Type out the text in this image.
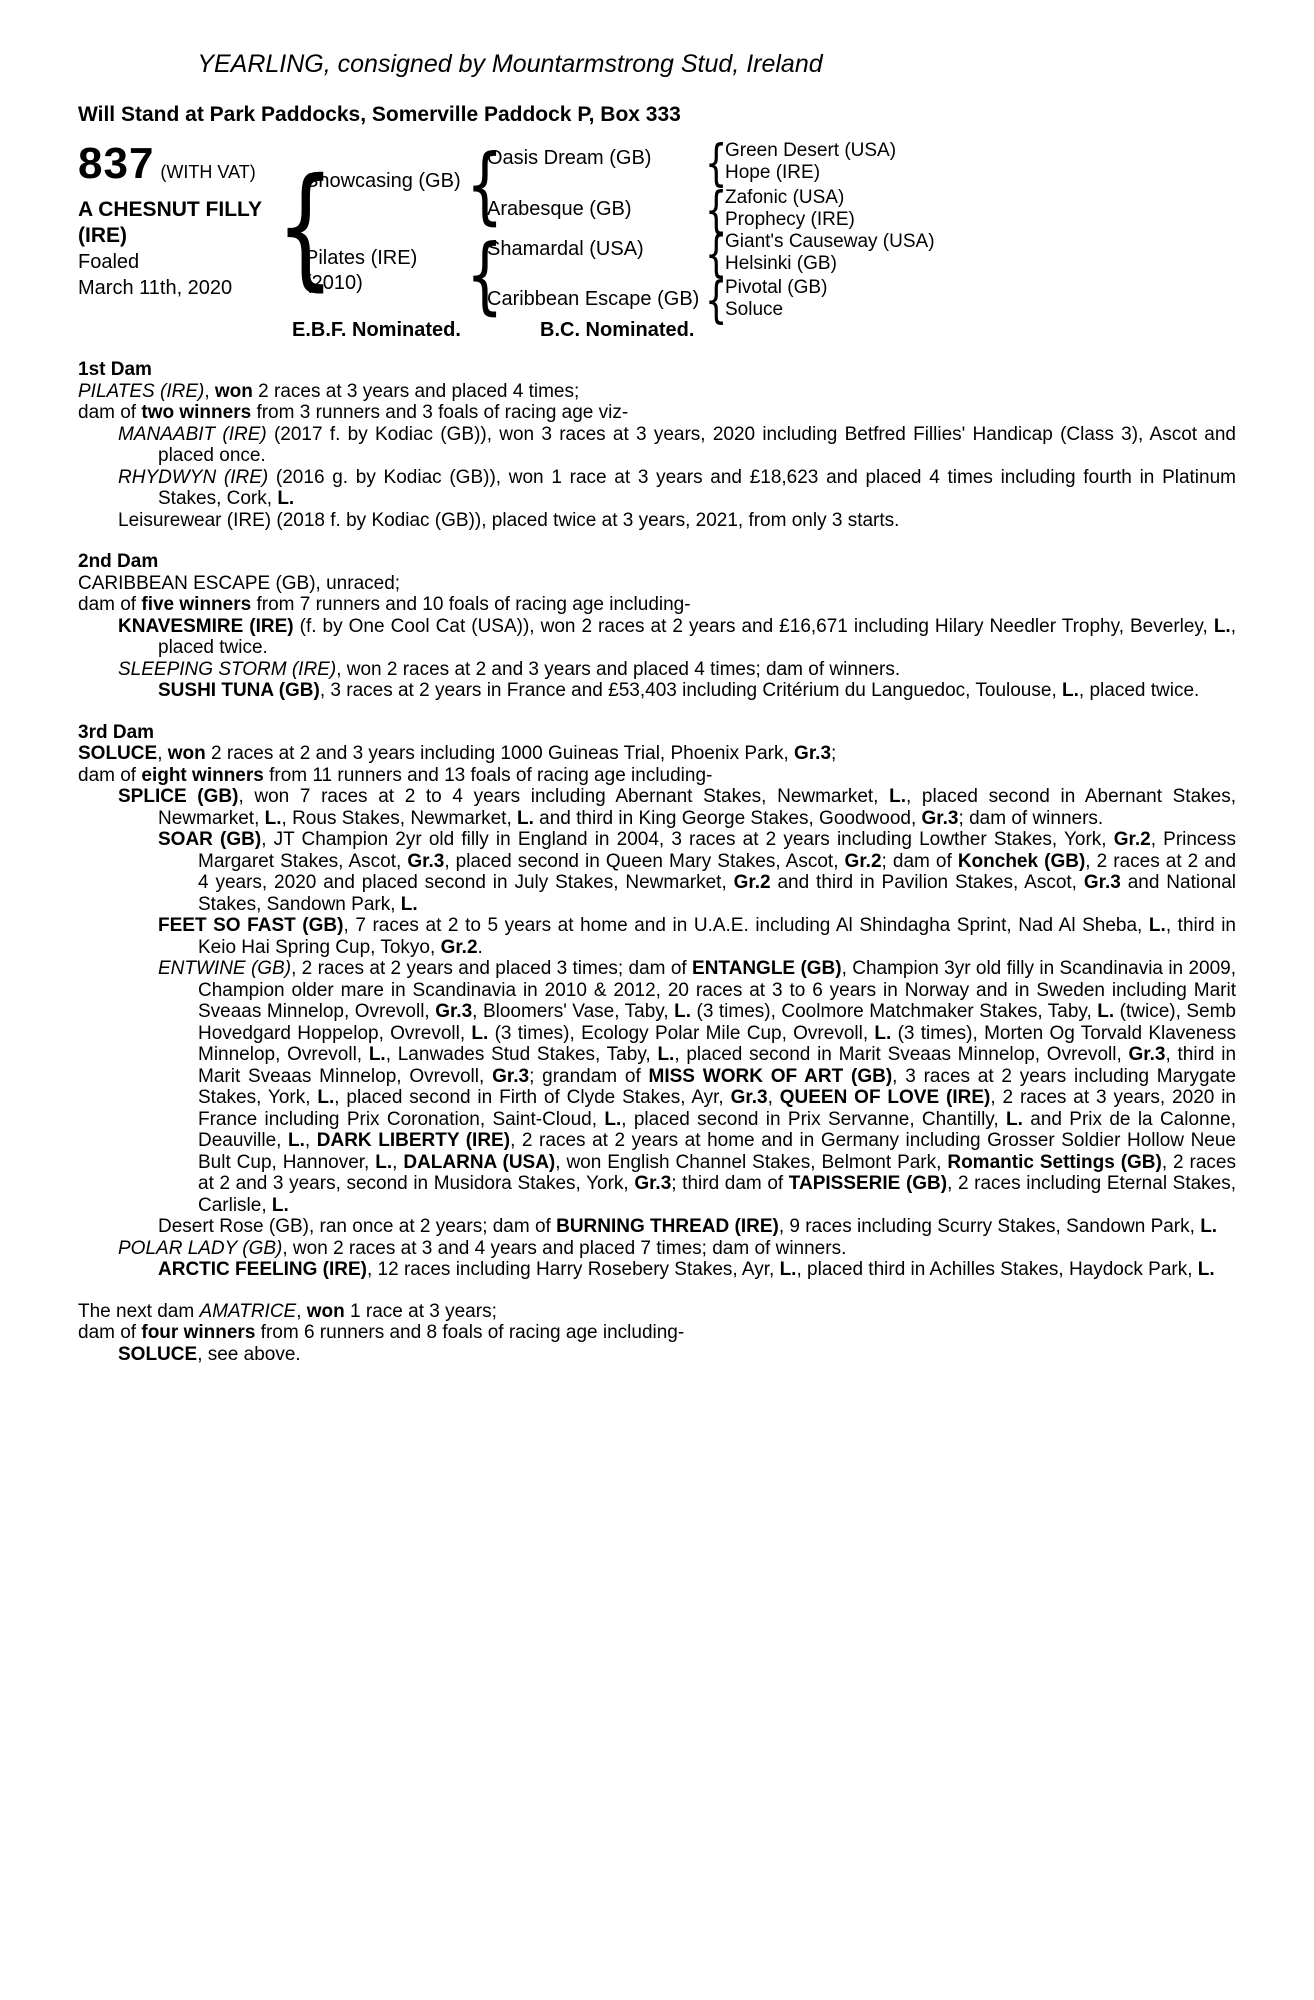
YEARLING, consigned by Mountarmstrong Stud, Ireland
Will Stand at Park Paddocks, Somerville Paddock P, Box 333
837 (WITH VAT)
A CHESNUT FILLY
(IRE)
Foaled
March 11th, 2020
{
Showcasing (GB)
Pilates (IRE)
(2010)
{
{
Oasis Dream (GB)
Arabesque (GB)
Shamardal (USA)
Caribbean Escape (GB)
{
Green Desert (USA)
Hope (IRE)
{
Zafonic (USA)
Prophecy (IRE)
{
Giant's Causeway (USA)
Helsinki (GB)
{
Pivotal (GB)
Soluce
E.B.F. Nominated.	B.C. Nominated.
1st Dam

PILATES (IRE), won 2 races at 3 years and placed 4 times;

dam of two winners from 3 runners and 3 foals of racing age viz-

MANAABIT (IRE) (2017 f. by Kodiac (GB)), won 3 races at 3 years, 2020 including Betfred Fillies' Handicap (Class 3), Ascot and placed once.

RHYDWYN (IRE) (2016 g. by Kodiac (GB)), won 1 race at 3 years and £18,623 and placed 4 times including fourth in Platinum Stakes, Cork, L.

Leisurewear (IRE) (2018 f. by Kodiac (GB)), placed twice at 3 years, 2021, from only 3 starts.

2nd Dam

CARIBBEAN ESCAPE (GB), unraced;

dam of five winners from 7 runners and 10 foals of racing age including-

KNAVESMIRE (IRE) (f. by One Cool Cat (USA)), won 2 races at 2 years and £16,671 including Hilary Needler Trophy, Beverley, L., placed twice.

SLEEPING STORM (IRE), won 2 races at 2 and 3 years and placed 4 times; dam of winners.

SUSHI TUNA (GB), 3 races at 2 years in France and £53,403 including Critérium du Languedoc, Toulouse, L., placed twice.

3rd Dam

SOLUCE, won 2 races at 2 and 3 years including 1000 Guineas Trial, Phoenix Park, Gr.3;

dam of eight winners from 11 runners and 13 foals of racing age including-

SPLICE (GB), won 7 races at 2 to 4 years including Abernant Stakes, Newmarket, L., placed second in Abernant Stakes, Newmarket, L., Rous Stakes, Newmarket, L. and third in King George Stakes, Goodwood, Gr.3; dam of winners.

SOAR (GB), JT Champion 2yr old filly in England in 2004, 3 races at 2 years including Lowther Stakes, York, Gr.2, Princess Margaret Stakes, Ascot, Gr.3, placed second in Queen Mary Stakes, Ascot, Gr.2; dam of Konchek (GB), 2 races at 2 and 4 years, 2020 and placed second in July Stakes, Newmarket, Gr.2 and third in Pavilion Stakes, Ascot, Gr.3 and National Stakes, Sandown Park, L.

FEET SO FAST (GB), 7 races at 2 to 5 years at home and in U.A.E. including Al Shindagha Sprint, Nad Al Sheba, L., third in Keio Hai Spring Cup, Tokyo, Gr.2.

ENTWINE (GB), 2 races at 2 years and placed 3 times; dam of ENTANGLE (GB), Champion 3yr old filly in Scandinavia in 2009, Champion older mare in Scandinavia in 2010 & 2012, 20 races at 3 to 6 years in Norway and in Sweden including Marit Sveaas Minnelop, Ovrevoll, Gr.3, Bloomers' Vase, Taby, L. (3 times), Coolmore Matchmaker Stakes, Taby, L. (twice), Semb Hovedgard Hoppelop, Ovrevoll, L. (3 times), Ecology Polar Mile Cup, Ovrevoll, L. (3 times), Morten Og Torvald Klaveness Minnelop, Ovrevoll, L., Lanwades Stud Stakes, Taby, L., placed second in Marit Sveaas Minnelop, Ovrevoll, Gr.3, third in Marit Sveaas Minnelop, Ovrevoll, Gr.3; grandam of MISS WORK OF ART (GB), 3 races at 2 years including Marygate Stakes, York, L., placed second in Firth of Clyde Stakes, Ayr, Gr.3, QUEEN OF LOVE (IRE), 2 races at 3 years, 2020 in France including Prix Coronation, Saint-Cloud, L., placed second in Prix Servanne, Chantilly, L. and Prix de la Calonne, Deauville, L., DARK LIBERTY (IRE), 2 races at 2 years at home and in Germany including Grosser Soldier Hollow Neue Bult Cup, Hannover, L., DALARNA (USA), won English Channel Stakes, Belmont Park, Romantic Settings (GB), 2 races at 2 and 3 years, second in Musidora Stakes, York, Gr.3; third dam of TAPISSERIE (GB), 2 races including Eternal Stakes, Carlisle, L.

Desert Rose (GB), ran once at 2 years; dam of BURNING THREAD (IRE), 9 races including Scurry Stakes, Sandown Park, L.

POLAR LADY (GB), won 2 races at 3 and 4 years and placed 7 times; dam of winners.

ARCTIC FEELING (IRE), 12 races including Harry Rosebery Stakes, Ayr, L., placed third in Achilles Stakes, Haydock Park, L.

The next dam AMATRICE, won 1 race at 3 years;

dam of four winners from 6 runners and 8 foals of racing age including-

SOLUCE, see above.
